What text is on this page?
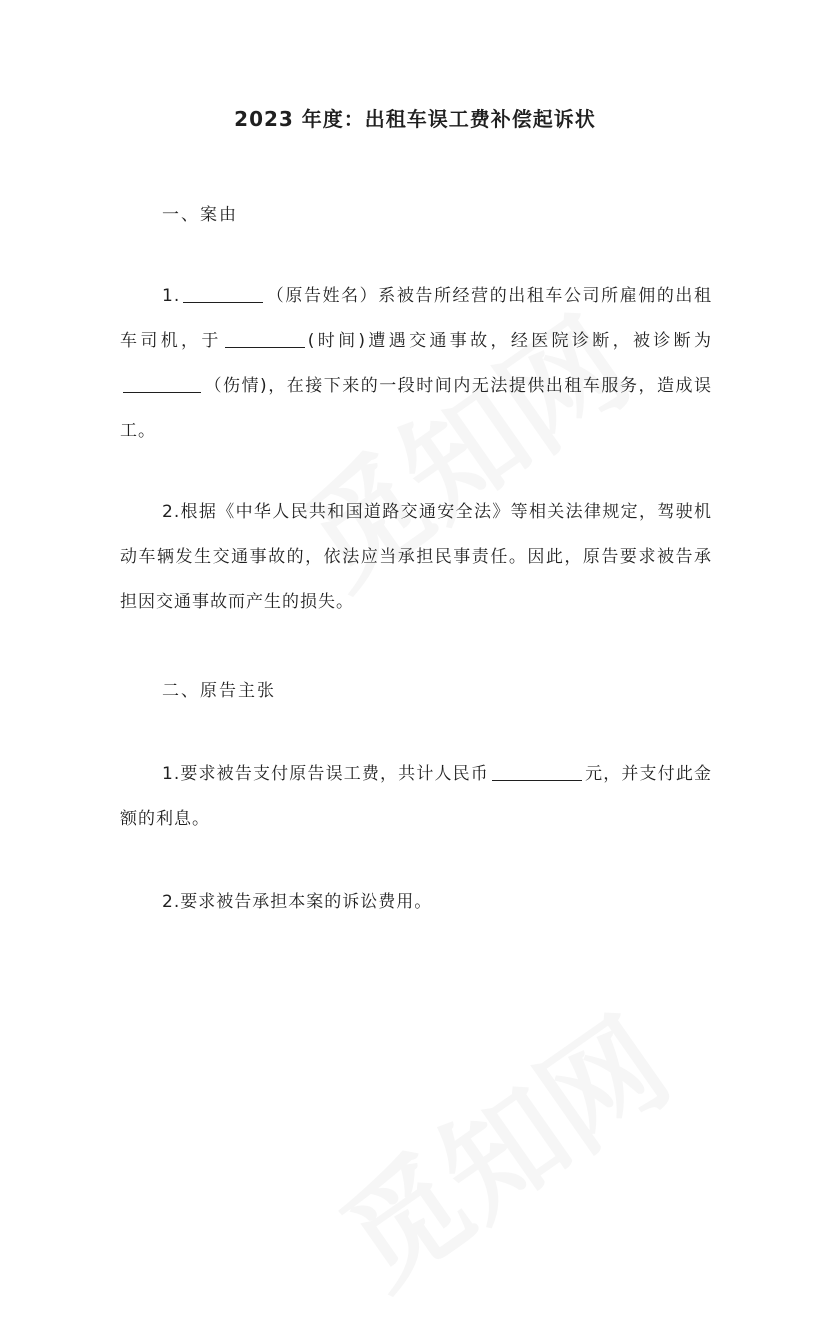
2023 年度：出租车误工费补偿起诉状
一、案由
1.	（原告姓名）系被告所经营的出租车公司所雇佣的出租车司机，于	(时间)遭遇交通事故，经医院诊断，被诊断为（伤情)，在接下来的一段时间内无法提供出租车服务，造成误工。
2.根据《中华人民共和国道路交通安全法》等相关法律规定，驾驶机动车辆发生交通事故的，依法应当承担民事责任。因此，原告要求被告承担因交通事故而产生的损失。
二、原告主张
1.要求被告支付原告误工费，共计人民币	元，并支付此金额的利息。
2.要求被告承担本案的诉讼费用。
